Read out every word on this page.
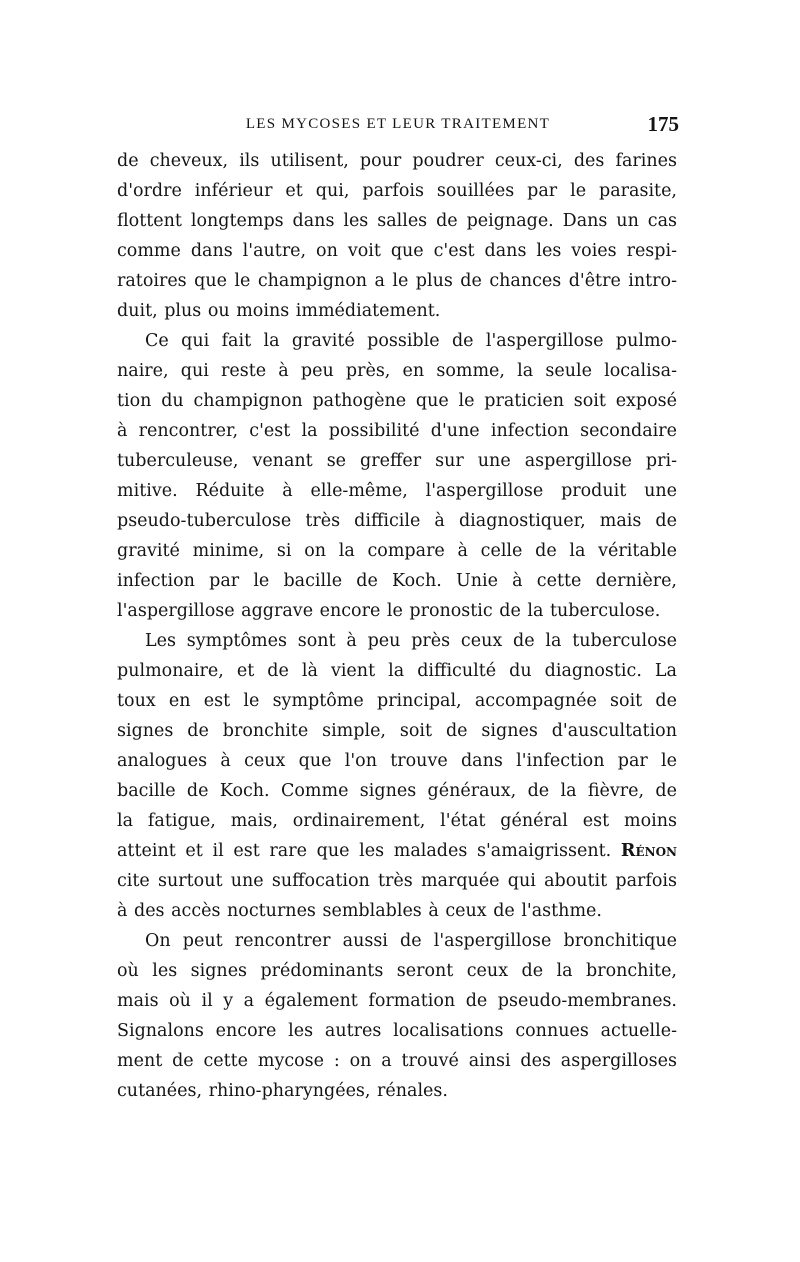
LES MYCOSES ET LEUR TRAITEMENT	175
de cheveux, ils utilisent, pour poudrer ceux-ci, des farines
d'ordre inférieur et qui, parfois souillées par le parasite,
flottent longtemps dans les salles de peignage. Dans un cas
comme dans l'autre, on voit que c'est dans les voies respi-
ratoires que le champignon a le plus de chances d'être intro-
duit, plus ou moins immédiatement.
Ce qui fait la gravité possible de l'aspergillose pulmo-
naire, qui reste à peu près, en somme, la seule localisa-
tion du champignon pathogène que le praticien soit exposé
à rencontrer, c'est la possibilité d'une infection secondaire
tuberculeuse, venant se greffer sur une aspergillose pri-
mitive. Réduite à elle-même, l'aspergillose produit une
pseudo-tuberculose très difficile à diagnostiquer, mais de
gravité minime, si on la compare à celle de la véritable
infection par le bacille de Koch. Unie à cette dernière,
l'aspergillose aggrave encore le pronostic de la tuberculose.
Les symptômes sont à peu près ceux de la tuberculose
pulmonaire, et de là vient la difficulté du diagnostic. La
toux en est le symptôme principal, accompagnée soit de
signes de bronchite simple, soit de signes d'auscultation
analogues à ceux que l'on trouve dans l'infection par le
bacille de Koch. Comme signes généraux, de la fièvre, de
la fatigue, mais, ordinairement, l'état général est moins
atteint et il est rare que les malades s'amaigrissent. Rénon
cite surtout une suffocation très marquée qui aboutit parfois
à des accès nocturnes semblables à ceux de l'asthme.
On peut rencontrer aussi de l'aspergillose bronchitique
où les signes prédominants seront ceux de la bronchite,
mais où il y a également formation de pseudo-membranes.
Signalons encore les autres localisations connues actuelle-
ment de cette mycose : on a trouvé ainsi des aspergilloses
cutanées, rhino-pharyngées, rénales.
